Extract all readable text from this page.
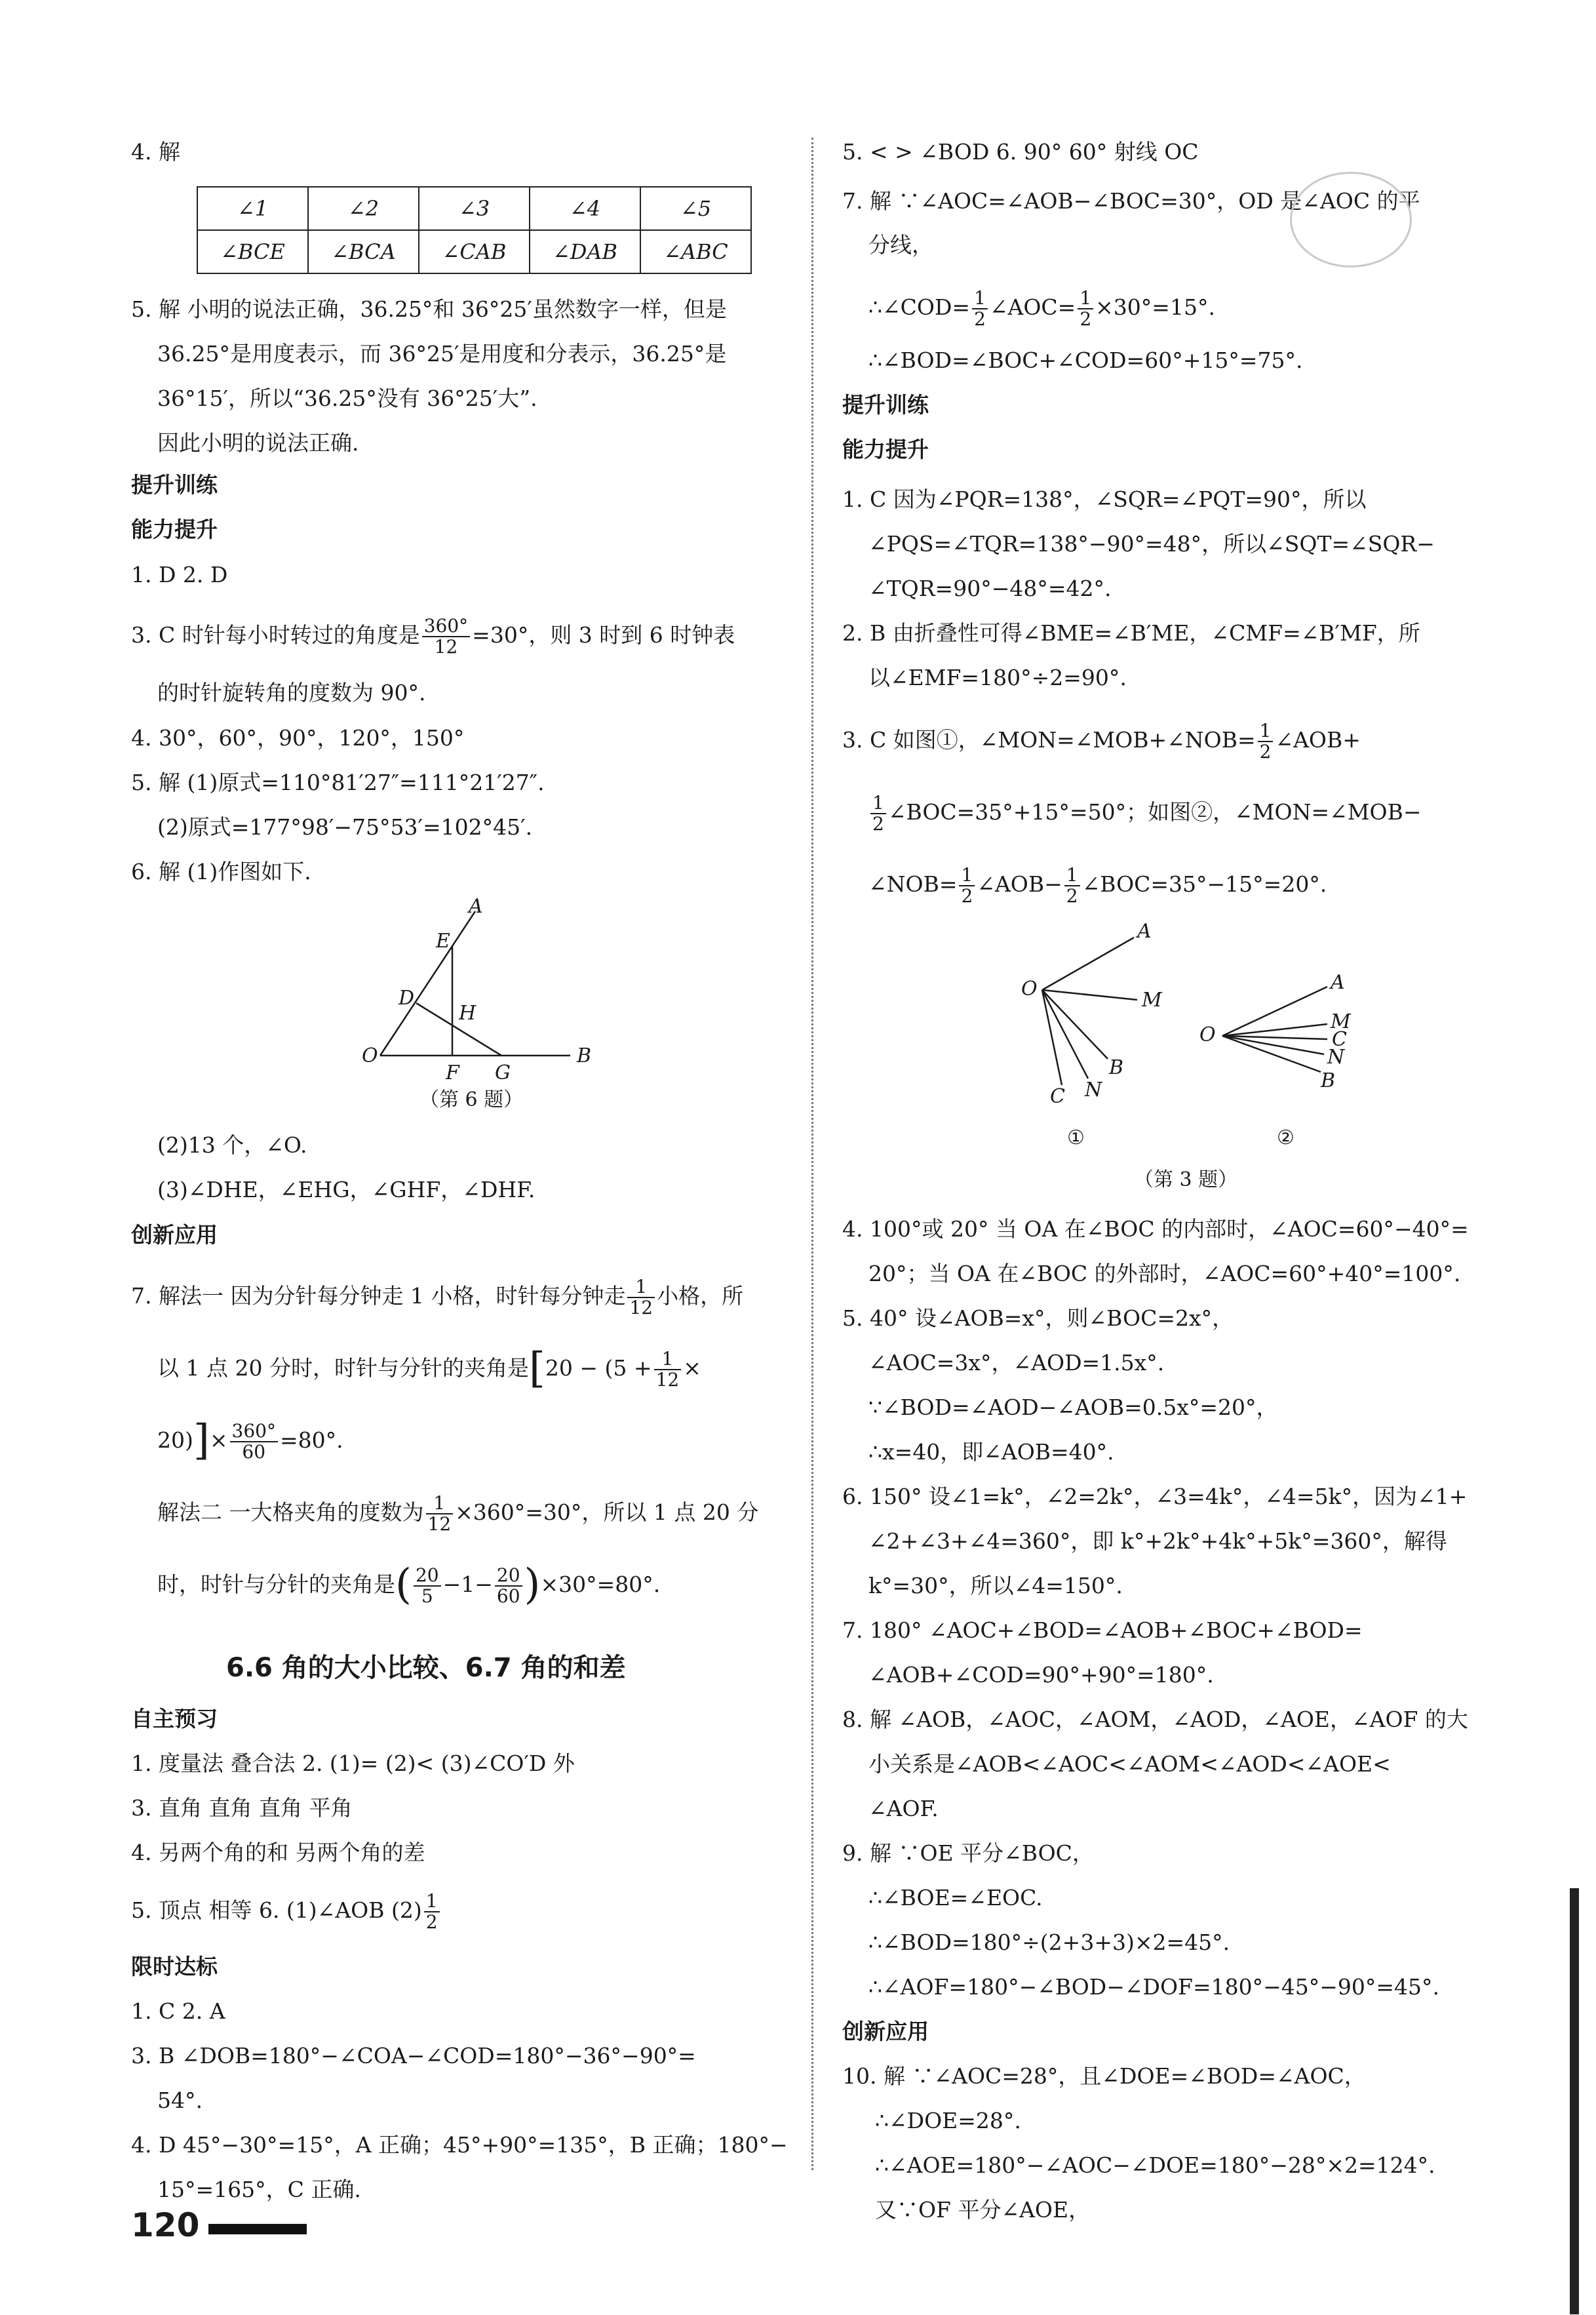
4. 解
∠1	∠2	∠3	∠4	∠5
∠BCE	∠BCA	∠CAB	∠DAB	∠ABC
5. 解 小明的说法正确，36.25°和 36°25′虽然数字一样，但是
36.25°是用度表示，而 36°25′是用度和分表示，36.25°是
36°15′，所以“36.25°没有 36°25′大”.
因此小明的说法正确.
提升训练
能力提升
1. D 2. D
3. C 时针每小时转过的角度是 $\frac{360^\circ}{12} =30^\circ$，则 3 时到 6 时钟表
的时针旋转角的度数为 90°.
4. 30°，60°，90°，120°，150°
5. 解 (1)原式=110°81′27″=111°21′27″.
(2)原式=177°98′−75°53′=102°45′.
6. 解 (1)作图如下.
A
E
D
H
O
F G
B
（第 6 题）
(2)13 个，∠O.
(3)∠DHE，∠EHG，∠GHF，∠DHF.
创新应用
7. 解法一 因为分针每分钟走 1 小格，时针每分钟走 $\frac{1}{12}$ 小格，所
以 1 点 20 分时，时针与分针的夹角是[$20 - (5 + \frac{1}{12}$ ×
$20)]\times \frac{360^\circ}{60} =80^\circ$.
解法二 一大格夹角的度数为 $\frac{1}{12} \times 360^\circ=30^\circ$，所以 1 点 20 分
时，时针与分针的夹角是( $\frac{20}{5} -1- \frac{20}{60} )\times 30^\circ=80^\circ$.
6.6 角的大小比较、6.7 角的和差
自主预习
1. 度量法 叠合法 2. (1)= (2)< (3)∠CO′D 外
3. 直角 直角 直角 平角
4. 另两个角的和 另两个角的差
5. 顶点 相等 6. (1)∠AOB $(2) \frac{1}{2}$
限时达标
1. C 2. A
3. B ∠DOB=180°−∠COA−∠COD=180°−36°−90°=
54°.
4. D 45°−30°=15°，A 正确；45°+90°=135°，B 正确；180°−
15°=165°，C 正确.
120
5. < > ∠BOD 6. 90° 60° 射线 OC
7. 解 ∵∠AOC=∠AOB−∠BOC=30°，OD 是∠AOC 的平
分线，
∴∠COD= $\frac{1}{2}$ ∠AOC= $\frac{1}{2} \times 30^\circ=15^\circ$.
∴∠BOD=∠BOC+∠COD=60°+15°=75°.
提升训练
能力提升
1. C 因为∠PQR=138°，∠SQR=∠PQT=90°，所以
∠PQS=∠TQR=138°−90°=48°，所以∠SQT=∠SQR−
∠TQR=90°−48°=42°.
2. B 由折叠性可得∠BME=∠B′ME，∠CMF=∠B′MF，所
以∠EMF=180°÷2=90°.
3. C 如图①，∠MON=∠MOB+∠NOB= $\frac{1}{2}$ ∠AOB+
$\frac{1}{2}$ ∠BOC=35°+15°=50°；如图②，∠MON=∠MOB−
∠NOB= $\frac{1}{2}$ ∠AOB− $\frac{1}{2}$ ∠BOC=35°−15°=20°.
A
O	M
B
C N
A
O
M
C
N
B
①	②
（第 3 题）
4. 100°或 20° 当 OA 在∠BOC 的内部时，∠AOC=60°−40°=
20°；当 OA 在∠BOC 的外部时，∠AOC=60°+40°=100°.
5. 40° 设∠AOB=x°，则∠BOC=2x°，
∠AOC=3x°，∠AOD=1.5x°.
∵∠BOD=∠AOD−∠AOB=0.5x°=20°，
∴x=40，即∠AOB=40°.
6. 150° 设∠1=k°，∠2=2k°，∠3=4k°，∠4=5k°，因为∠1+
∠2+∠3+∠4=360°，即 k°+2k°+4k°+5k°=360°，解得
k°=30°，所以∠4=150°.
7. 180° ∠AOC+∠BOD=∠AOB+∠BOC+∠BOD=
∠AOB+∠COD=90°+90°=180°.
8. 解 ∠AOB，∠AOC，∠AOM，∠AOD，∠AOE，∠AOF 的大
小关系是∠AOB<∠AOC<∠AOM<∠AOD<∠AOE<
∠AOF.
9. 解 ∵OE 平分∠BOC，
∴∠BOE=∠EOC.
∴∠BOD=180°÷(2+3+3)×2=45°.
∴∠AOF=180°−∠BOD−∠DOF=180°−45°−90°=45°.
创新应用
10. 解 ∵∠AOC=28°，且∠DOE=∠BOD=∠AOC，
∴∠DOE=28°.
∴∠AOE=180°−∠AOC−∠DOE=180°−28°×2=124°.
又∵OF 平分∠AOE，
